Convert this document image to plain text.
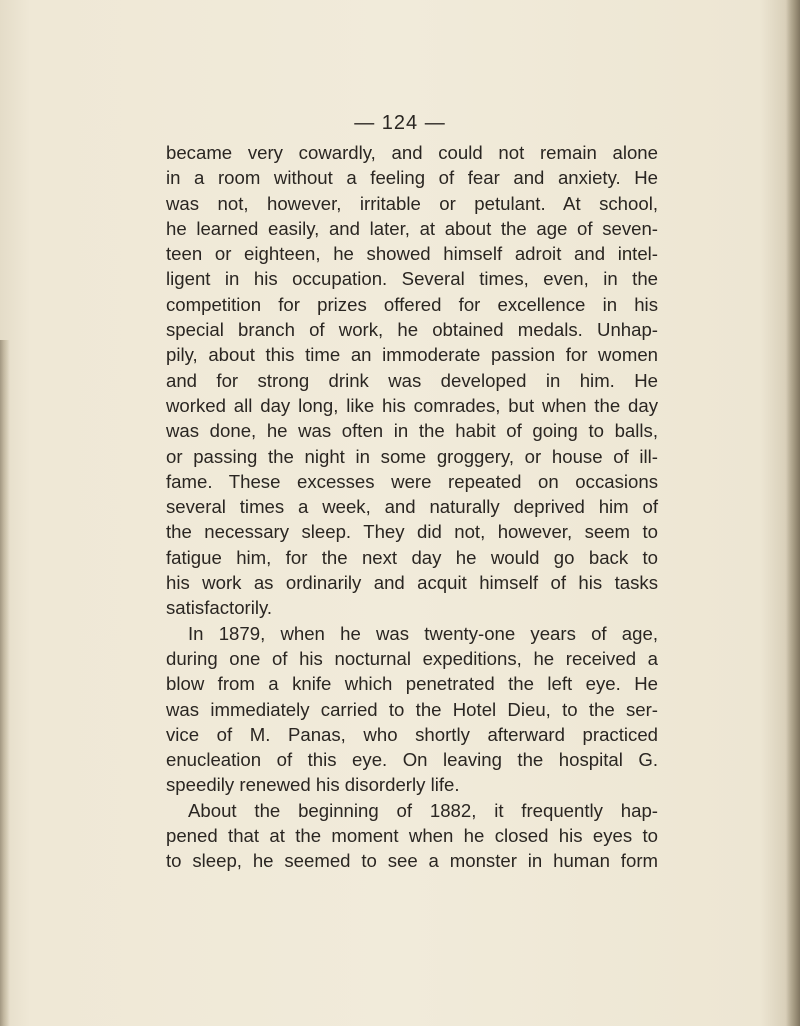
— 124 —
became very cowardly, and could not remain alone
in a room without a feeling of fear and anxiety. He
was not, however, irritable or petulant. At school,
he learned easily, and later, at about the age of seven-
teen or eighteen, he showed himself adroit and intel-
ligent in his occupation. Several times, even, in the
competition for prizes offered for excellence in his
special branch of work, he obtained medals. Unhap-
pily, about this time an immoderate passion for women
and for strong drink was developed in him. He
worked all day long, like his comrades, but when the day
was done, he was often in the habit of going to balls,
or passing the night in some groggery, or house of ill-
fame. These excesses were repeated on occasions
several times a week, and naturally deprived him of
the necessary sleep. They did not, however, seem to
fatigue him, for the next day he would go back to
his work as ordinarily and acquit himself of his tasks
satisfactorily.
In 1879, when he was twenty-one years of age,
during one of his nocturnal expeditions, he received a
blow from a knife which penetrated the left eye. He
was immediately carried to the Hotel Dieu, to the ser-
vice of M. Panas, who shortly afterward practiced
enucleation of this eye. On leaving the hospital G.
speedily renewed his disorderly life.
About the beginning of 1882, it frequently hap-
pened that at the moment when he closed his eyes to
to sleep, he seemed to see a monster in human form
